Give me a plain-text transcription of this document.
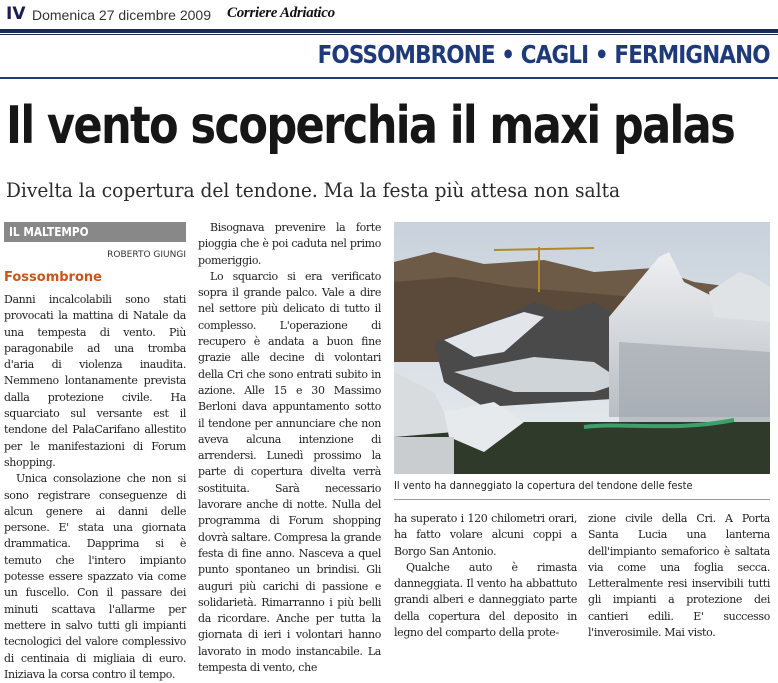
IV Domenica 27 dicembre 2009 Corriere Adriatico
FOSSOMBRONE • CAGLI • FERMIGNANO
Il vento scoperchia il maxi palas
Divelta la copertura del tendone. Ma la festa più attesa non salta
IL MALTEMPO
ROBERTO GIUNGI
Fossombrone

Danni incalcolabili sono stati provocati la mattina di Natale da una tempesta di vento. Più paragonabile ad una tromba d'aria di violenza inaudita. Nemmeno lontanamente prevista dalla protezione civile. Ha squarciato sul versante est il tendone del PalaCarifano allestito per le manifestazioni di Forum shopping.

Unica consolazione che non si sono registrare conseguenze di alcun genere ai danni delle persone. E' stata una giornata drammatica. Dapprima si è temuto che l'intero impianto potesse essere spazzato via come un fuscello. Con il passare dei minuti scattava l'allarme per mettere in salvo tutti gli impianti tecnologici del valore complessivo di centinaia di migliaia di euro. Iniziava la corsa contro il tempo.

Bisognava prevenire la forte pioggia che è poi caduta nel primo pomeriggio.

Lo squarcio si era verificato sopra il grande palco. Vale a dire nel settore più delicato di tutto il complesso. L'operazione di recupero è andata a buon fine grazie alle decine di volontari della Cri che sono entrati subito in azione. Alle 15 e 30 Massimo Berloni dava appuntamento sotto il tendone per annunciare che non aveva alcuna intenzione di arrendersi. Lunedì prossimo la parte di copertura divelta verrà sostituita. Sarà necessario lavorare anche di notte. Nulla del programma di Forum shopping dovrà saltare. Compresa la grande festa di fine anno. Nasceva a quel punto spontaneo un brindisi. Gli auguri più carichi di passione e solidarietà. Rimarranno i più belli da ricordare. Anche per tutta la giornata di ieri i volontari hanno lavorato in modo instancabile. La tempesta di vento, che

Il vento ha danneggiato la copertura del tendone delle feste

ha superato i 120 chilometri orari, ha fatto volare alcuni coppi a Borgo San Antonio.

Qualche auto è rimasta danneggiata. Il vento ha abbattuto grandi alberi e danneggiato parte della copertura del deposito in legno del comparto della prote-

zione civile della Cri. A Porta Santa Lucia una lanterna dell'impianto semaforico è saltata via come una foglia secca. Letteralmente resi inservibili tutti gli impianti a protezione dei cantieri edili. E' successo l'inverosimile. Mai visto.
